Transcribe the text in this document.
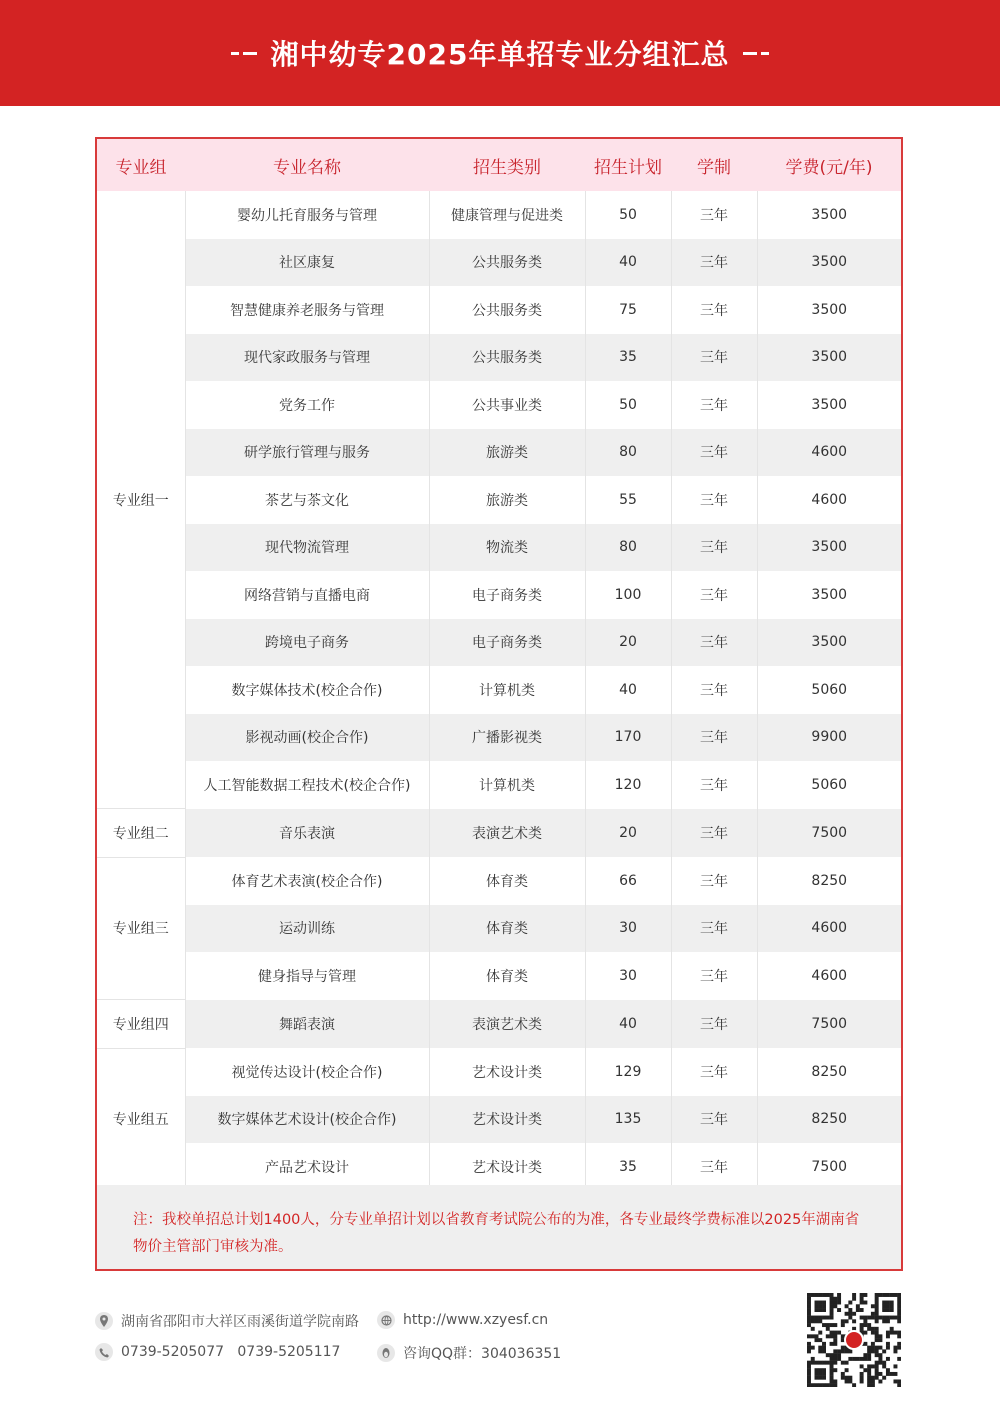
湘中幼专2025年单招专业分组汇总
专业组	专业名称	招生类别	招生计划	学制	学费(元/年)
专业组一	婴幼儿托育服务与管理	健康管理与促进类	50	三年	3500
	社区康复	公共服务类	40	三年	3500
	智慧健康养老服务与管理	公共服务类	75	三年	3500
	现代家政服务与管理	公共服务类	35	三年	3500
	党务工作	公共事业类	50	三年	3500
	研学旅行管理与服务	旅游类	80	三年	4600
	茶艺与茶文化	旅游类	55	三年	4600
	现代物流管理	物流类	80	三年	3500
	网络营销与直播电商	电子商务类	100	三年	3500
	跨境电子商务	电子商务类	20	三年	3500
	数字媒体技术(校企合作)	计算机类	40	三年	5060
	影视动画(校企合作)	广播影视类	170	三年	9900
	人工智能数据工程技术(校企合作)	计算机类	120	三年	5060
专业组二	音乐表演	表演艺术类	20	三年	7500
专业组三	体育艺术表演(校企合作)	体育类	66	三年	8250
	运动训练	体育类	30	三年	4600
	健身指导与管理	体育类	30	三年	4600
专业组四	舞蹈表演	表演艺术类	40	三年	7500
专业组五	视觉传达设计(校企合作)	艺术设计类	129	三年	8250
	数字媒体艺术设计(校企合作)	艺术设计类	135	三年	8250
	产品艺术设计	艺术设计类	35	三年	7500
注：我校单招总计划1400人，分专业单招计划以省教育考试院公布的为准，各专业最终学费标准以2025年湖南省物价主管部门审核为准。
湖南省邵阳市大祥区雨溪街道学院南路	http://www.xzyesf.cn
0739-5205077   0739-5205117	咨询QQ群：304036351
